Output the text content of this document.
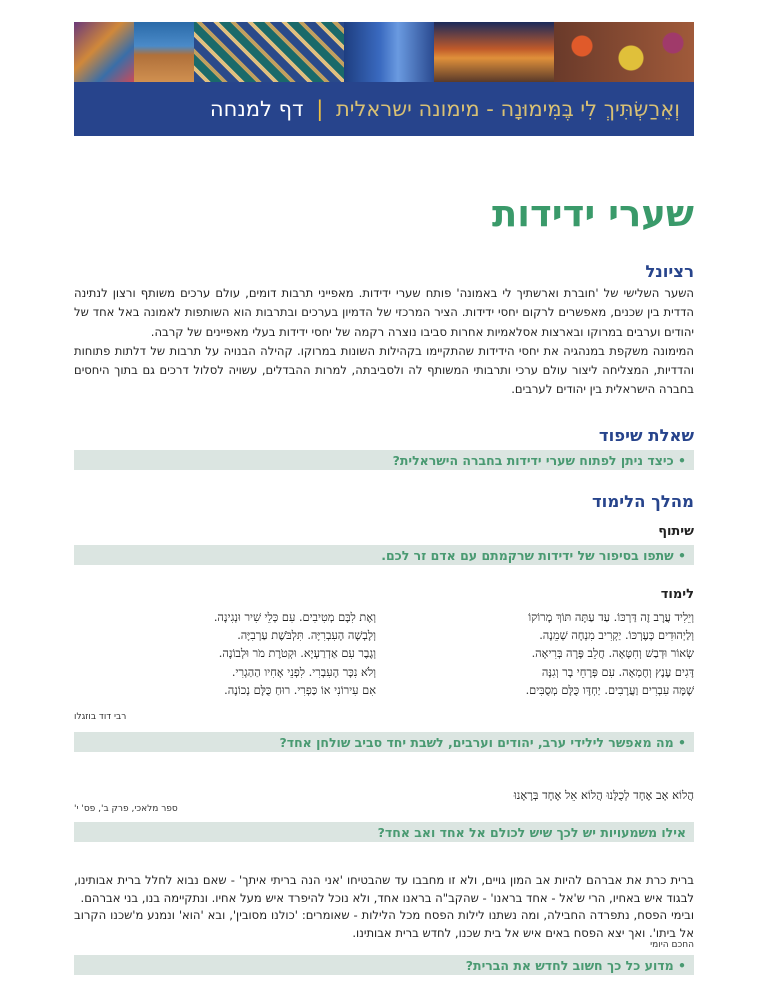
וְאֵרַשְׂתִּיךְ לִי בֶּמִּימוּנָה - מימונה ישראלית | דף למנחה
שערי ידידות
רציונל

השער השלישי של 'חוברת וארשתיך לי באמונה' פותח שערי ידידות. מאפייני תרבות דומים, עולם ערכים משותף ורצון לנתינה הדדית בין שכנים, מאפשרים לרקום יחסי ידידות. הציר המרכזי של הדמיון בערכים ובתרבות הוא השותפות לאמונה באל אחד של יהודים וערבים במרוקו ובארצות אסלאמיות אחרות סביבו נוצרה רקמה של יחסי ידידות בעלי מאפיינים של קרבה.

המימונה משקפת במנהגיה את יחסי הידידות שהתקיימו בקהילות השונות במרוקו. קהילה הבנויה על תרבות של דלתות פתוחות והדדיות, המצליחה ליצור עולם ערכי ותרבותי המשותף לה ולסביבתה, למרות ההבדלים, עשויה לסלול דרכים גם בתוך היחסים בחברה הישראלית בין יהודים לערבים.

שאלת שיפוד
• כיצד ניתן לפתוח שערי ידידות בחברה הישראלית?
מהלך הלימוד
שיתוף
• שתפו בסיפור של ידידות שרקמתם עם אדם זר לכם.
לימוד
וְיֵלִיד עֲרָב זֶה דַּרְכּוֹ. עַד עַתָּה תּוֹךְ מָרוֹקוֹ
וְלַיְהוּדִים כְּעֶרְכּוֹ. יַקְרִיב מִנְחָה שְׁמֵנָה.
שְׂאוֹר וּדְבַשׁ וְחִטָּאָה. חֲלֵב פָּרָה בְּרִיאָה.
דָּגִים עֶנֶץ וְחֶמְאָה. עִם פְּרָחֵי בָר וְגִנָּה
שָׁמָּה עִבְרִים וַעֲרָבִים. יַחְדָּו כֻּלָּם מְסֻבִּים.
וְאֶת לִבָּם מְטִיבִים. עִם כְּלֵי שִׁיר וּנְגִינָה.
וְלָבְשָׁה הָעִבְרִיָּה. תִּלְבֹּשֶׁת עַרְבִיָּה.
וְגֶבֶר עִם אַדְרַעְיָא. וּקְטֹרֶת מֹר וּלְבוֹנָה.
וְלֹא נִכָּר הָעִבְרִי. לִפְנֵי אָחִיו הַהַגְרִי.
אִם עִירוֹנִי אוֹ כַּפְרִי. רוּחַ כֻּלָּם נְכוֹנָה.
רבי דוד בוזגלו
• מה מאפשר לילידי ערב, יהודים וערבים, לשבת יחד סביב שולחן אחד?
הֲלוֹא אָב אֶחָד לְכֻלָּנוּ הֲלוֹא אֵל אֶחָד בְּרָאָנוּ
ספר מלאכי, פרק ב', פס' י'
אילו משמעויות יש לכך שיש לכולם אל אחד ואב אחד?

ברית כרת את אברהם להיות אב המון גויים, ולא זו מחבבו עד שהבטיחו 'אני הנה בריתי איתך' - שאם נבוא לחלל ברית אבותינו, לבגוד איש באחיו, הרי ש'אל - אחד בראנו' - שהקב"ה בראנו אחד, ולא נוכל להיפרד איש מעל אחיו. ונתקיימה בנו, בני אברהם.

ובימי הפסח, נתפרדה החבילה, ומה נשתנו לילות הפסח מכל הלילות - שאומרים: 'כולנו מסובין', ובא 'הוא' ונמנע מ'שכנו הקרוב אל ביתו'. ואך יצא הפסח באים איש אל בית שכנו, לחדש ברית אבותינו.

החכם היומי
• מדוע כל כך חשוב לחדש את הברית?
